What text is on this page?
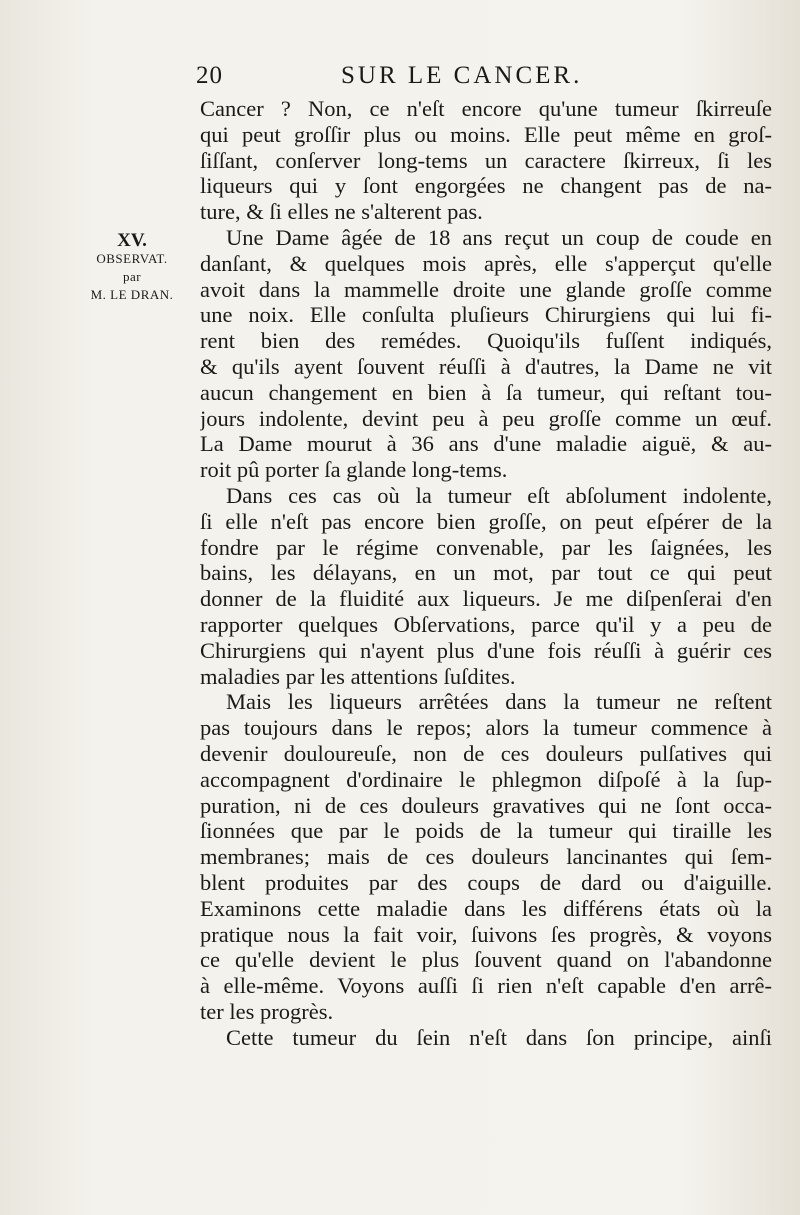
20	SUR LE CANCER.
XV.
OBSERVAT.
par
M. LE DRAN.
Cancer ? Non, ce n'eſt encore qu'une tumeur ſkirreuſe
qui peut groſſir plus ou moins. Elle peut même en groſ-
ſiſſant, conſerver long-tems un caractere ſkirreux, ſi les
liqueurs qui y ſont engorgées ne changent pas de na-
ture, & ſi elles ne s'alterent pas.
Une Dame âgée de 18 ans reçut un coup de coude en
danſant, & quelques mois après, elle s'apperçut qu'elle
avoit dans la mammelle droite une glande groſſe comme
une noix. Elle conſulta pluſieurs Chirurgiens qui lui fi-
rent bien des remédes. Quoiqu'ils fuſſent indiqués,
& qu'ils ayent ſouvent réuſſi à d'autres, la Dame ne vit
aucun changement en bien à ſa tumeur, qui reſtant tou-
jours indolente, devint peu à peu groſſe comme un œuf.
La Dame mourut à 36 ans d'une maladie aiguë, & au-
roit pû porter ſa glande long-tems.
Dans ces cas où la tumeur eſt abſolument indolente,
ſi elle n'eſt pas encore bien groſſe, on peut eſpérer de la
fondre par le régime convenable, par les ſaignées, les
bains, les délayans, en un mot, par tout ce qui peut
donner de la fluidité aux liqueurs. Je me diſpenſerai d'en
rapporter quelques Obſervations, parce qu'il y a peu de
Chirurgiens qui n'ayent plus d'une fois réuſſi à guérir ces
maladies par les attentions ſuſdites.
Mais les liqueurs arrêtées dans la tumeur ne reſtent
pas toujours dans le repos; alors la tumeur commence à
devenir douloureuſe, non de ces douleurs pulſatives qui
accompagnent d'ordinaire le phlegmon diſpoſé à la ſup-
puration, ni de ces douleurs gravatives qui ne ſont occa-
ſionnées que par le poids de la tumeur qui tiraille les
membranes; mais de ces douleurs lancinantes qui ſem-
blent produites par des coups de dard ou d'aiguille.
Examinons cette maladie dans les différens états où la
pratique nous la fait voir, ſuivons ſes progrès, & voyons
ce qu'elle devient le plus ſouvent quand on l'abandonne
à elle-même. Voyons auſſi ſi rien n'eſt capable d'en arrê-
ter les progrès.
Cette tumeur du ſein n'eſt dans ſon principe, ainſi
